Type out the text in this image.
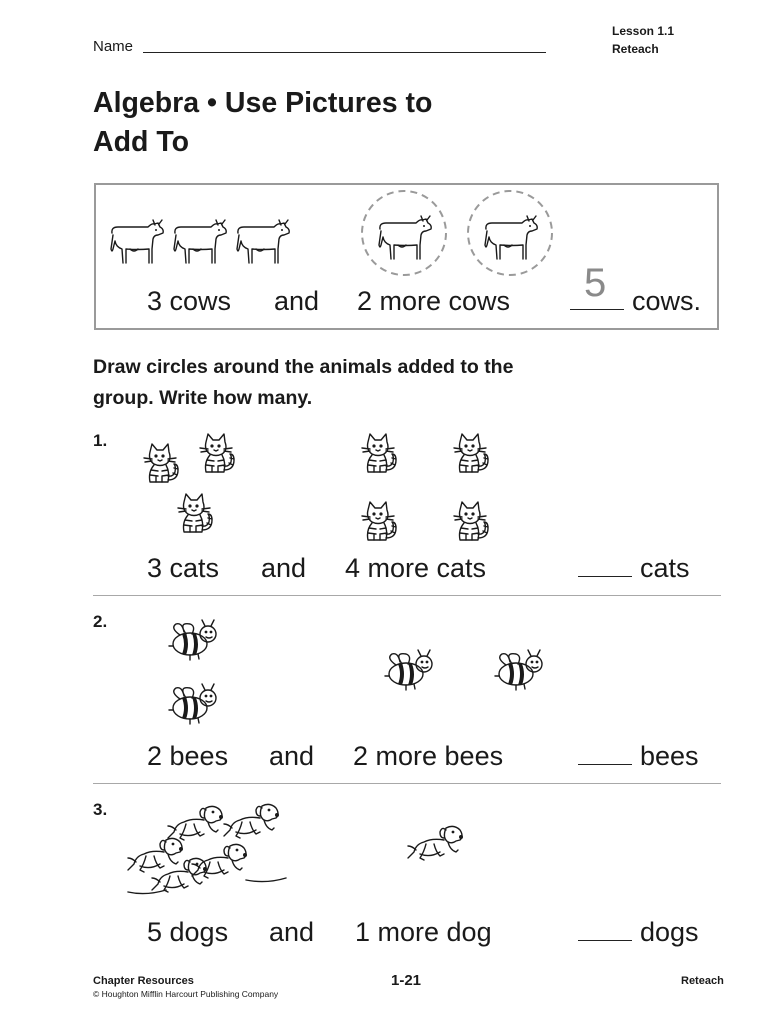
Name
Lesson 1.1
Reteach
Algebra • Use Pictures to
Add To
3 cows and 2 more cows 5 cows.
Draw circles around the animals added to the
group. Write how many.
1.
3 cats and 4 more cats	cats
2.
2 bees and 2 more bees	bees
3.
5 dogs and 1 more dog	dogs
Chapter Resources
© Houghton Mifflin Harcourt Publishing Company
1-21	Reteach
